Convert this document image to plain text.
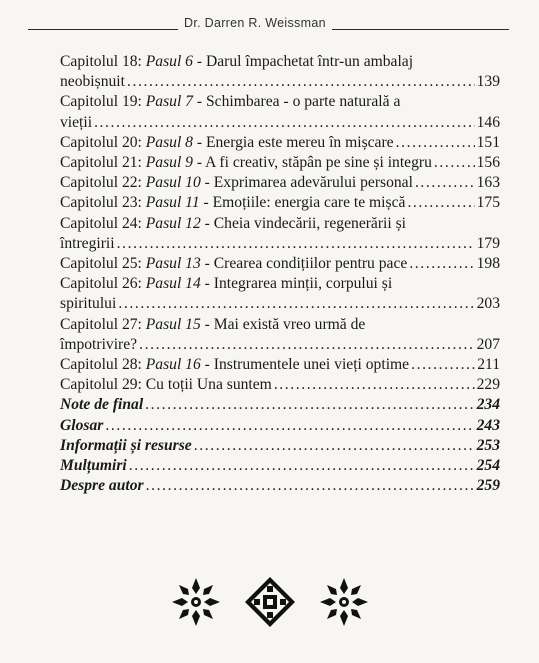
Dr. Darren R. Weissman
Capitolul 18: Pasul 6 - Darul împachetat într-un ambalaj
neobișnuit .....	139
Capitolul 19: Pasul 7 - Schimbarea - o parte naturală a
vieții .....	146
Capitolul 20: Pasul 8 - Energia este mereu în mișcare .....	151
Capitolul 21: Pasul 9 - A fi creativ, stăpân pe sine și integru .....	156
Capitolul 22: Pasul 10 - Exprimarea adevărului personal .....	163
Capitolul 23: Pasul 11 - Emoțiile: energia care te mișcă .....	175
Capitolul 24: Pasul 12 - Cheia vindecării, regenerării și
întregirii .....	179
Capitolul 25: Pasul 13 - Crearea condițiilor pentru pace .....	198
Capitolul 26: Pasul 14 - Integrarea minții, corpului și
spiritului .....	203
Capitolul 27: Pasul 15 - Mai există vreo urmă de
împotrivire? .....	207
Capitolul 28: Pasul 16 - Instrumentele unei vieți optime .....	211
Capitolul 29: Cu toții Una suntem .....	229
Note de final .....	234
Glosar .....	243
Informații și resurse .....	253
Mulțumiri .....	254
Despre autor .....	259
